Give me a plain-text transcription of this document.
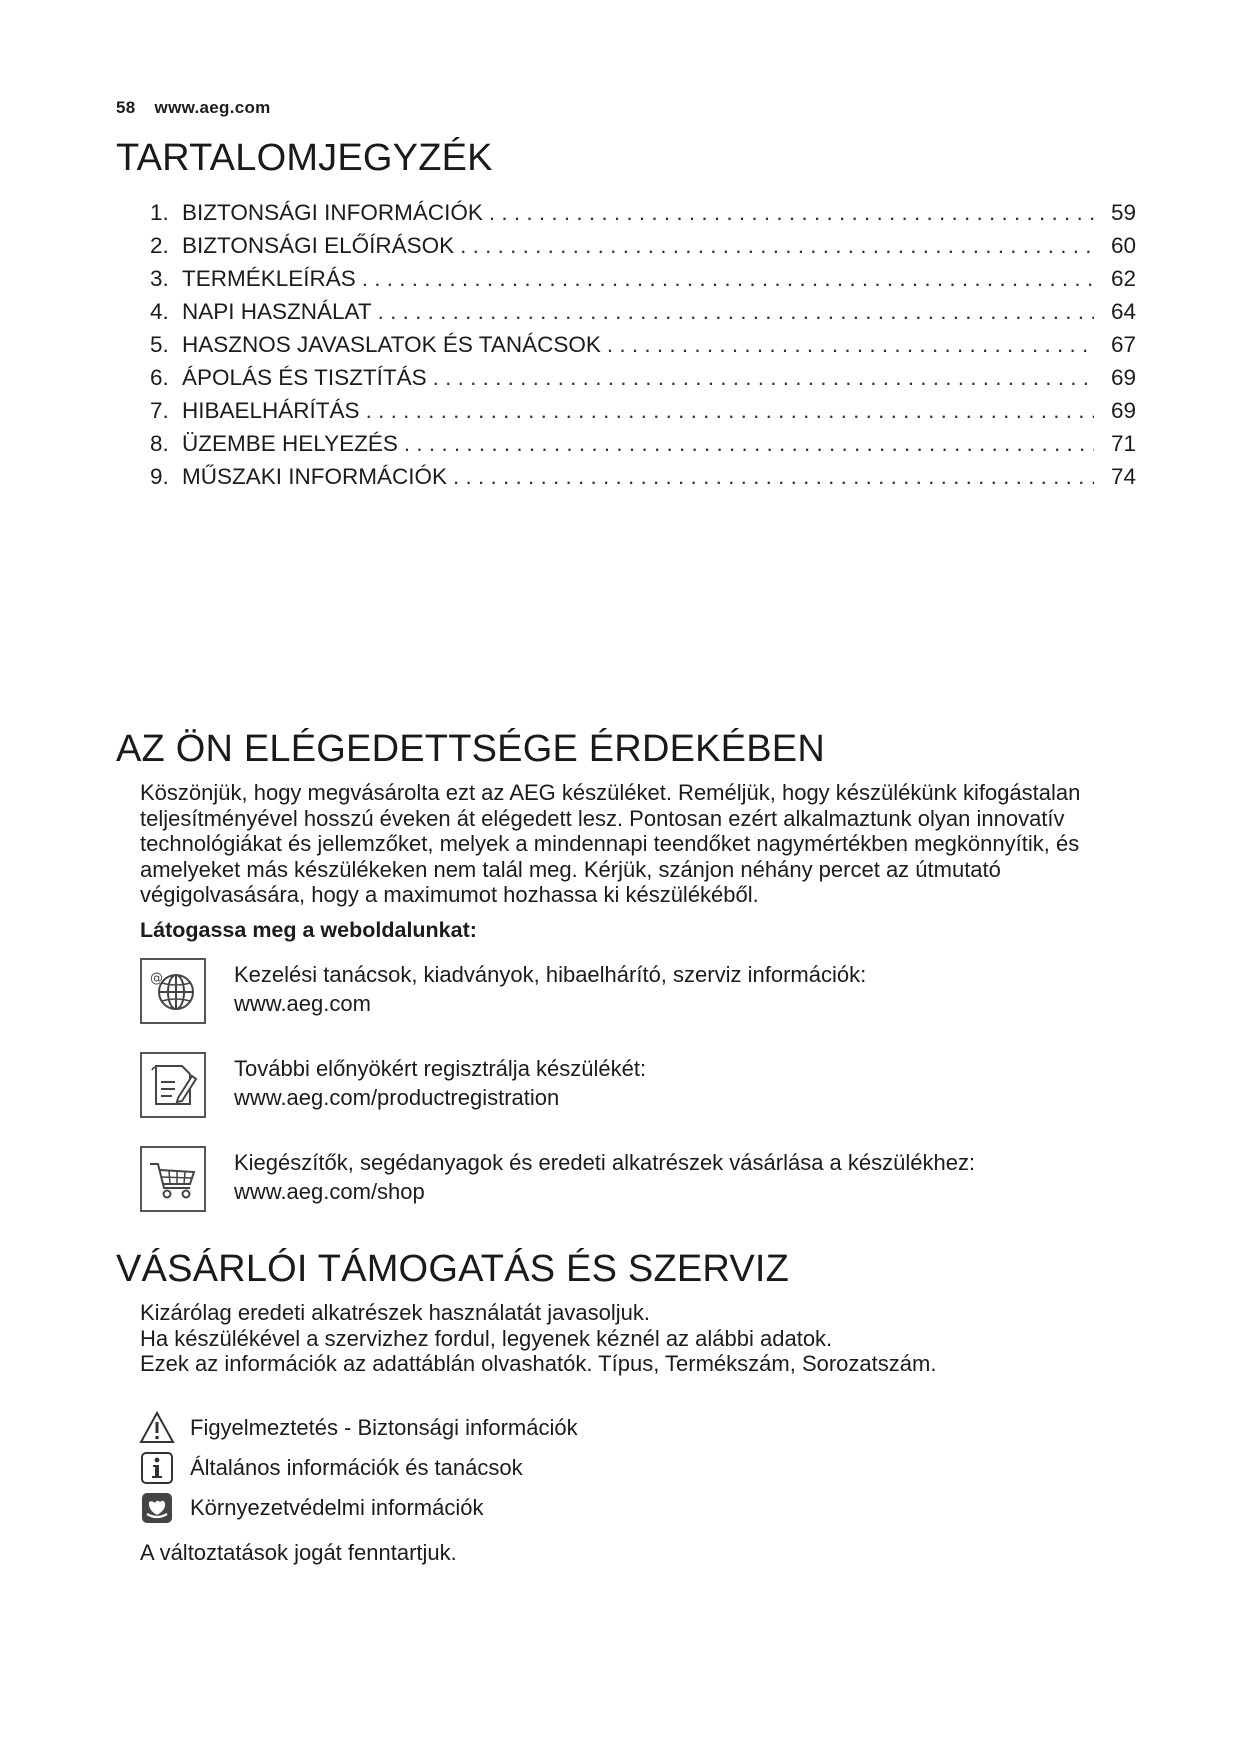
58 www.aeg.com
TARTALOMJEGYZÉK
1. BIZTONSÁGI INFORMÁCIÓK . . .	59
2. BIZTONSÁGI ELŐÍRÁSOK . . .	60
3. TERMÉKLEÍRÁS . . .	62
4. NAPI HASZNÁLAT . . .	64
5. HASZNOS JAVASLATOK ÉS TANÁCSOK . . .	67
6. ÁPOLÁS ÉS TISZTÍTÁS . . .	69
7. HIBAELHÁRÍTÁS . . .	69
8. ÜZEMBE HELYEZÉS . . .	71
9. MŰSZAKI INFORMÁCIÓK . . .	74
AZ ÖN ELÉGEDETTSÉGE ÉRDEKÉBEN

Köszönjük, hogy megvásárolta ezt az AEG készüléket. Reméljük, hogy készülékünk kifogástalan teljesítményével hosszú éveken át elégedett lesz. Pontosan ezért alkalmaztunk olyan innovatív technológiákat és jellemzőket, melyek a mindennapi teendőket nagymértékben megkönnyítik, és amelyeket más készülékeken nem talál meg. Kérjük, szánjon néhány percet az útmutató végigolvasására, hogy a maximumot hozhassa ki készülékéből.

Látogassa meg a weboldalunkat:

@	Kezelési tanácsok, kiadványok, hibaelhárító, szerviz információk:
www.aeg.com
További előnyökért regisztrálja készülékét:
www.aeg.com/productregistration
Kiegészítők, segédanyagok és eredeti alkatrészek vásárlása a készülékhez:
www.aeg.com/shop
VÁSÁRLÓI TÁMOGATÁS ÉS SZERVIZ
Kizárólag eredeti alkatrészek használatát javasoljuk.
Ha készülékével a szervizhez fordul, legyenek kéznél az alábbi adatok.
Ezek az információk az adattáblán olvashatók. Típus, Termékszám, Sorozatszám.
Figyelmeztetés - Biztonsági információk
Általános információk és tanácsok
Környezetvédelmi információk

A változtatások jogát fenntartjuk.
